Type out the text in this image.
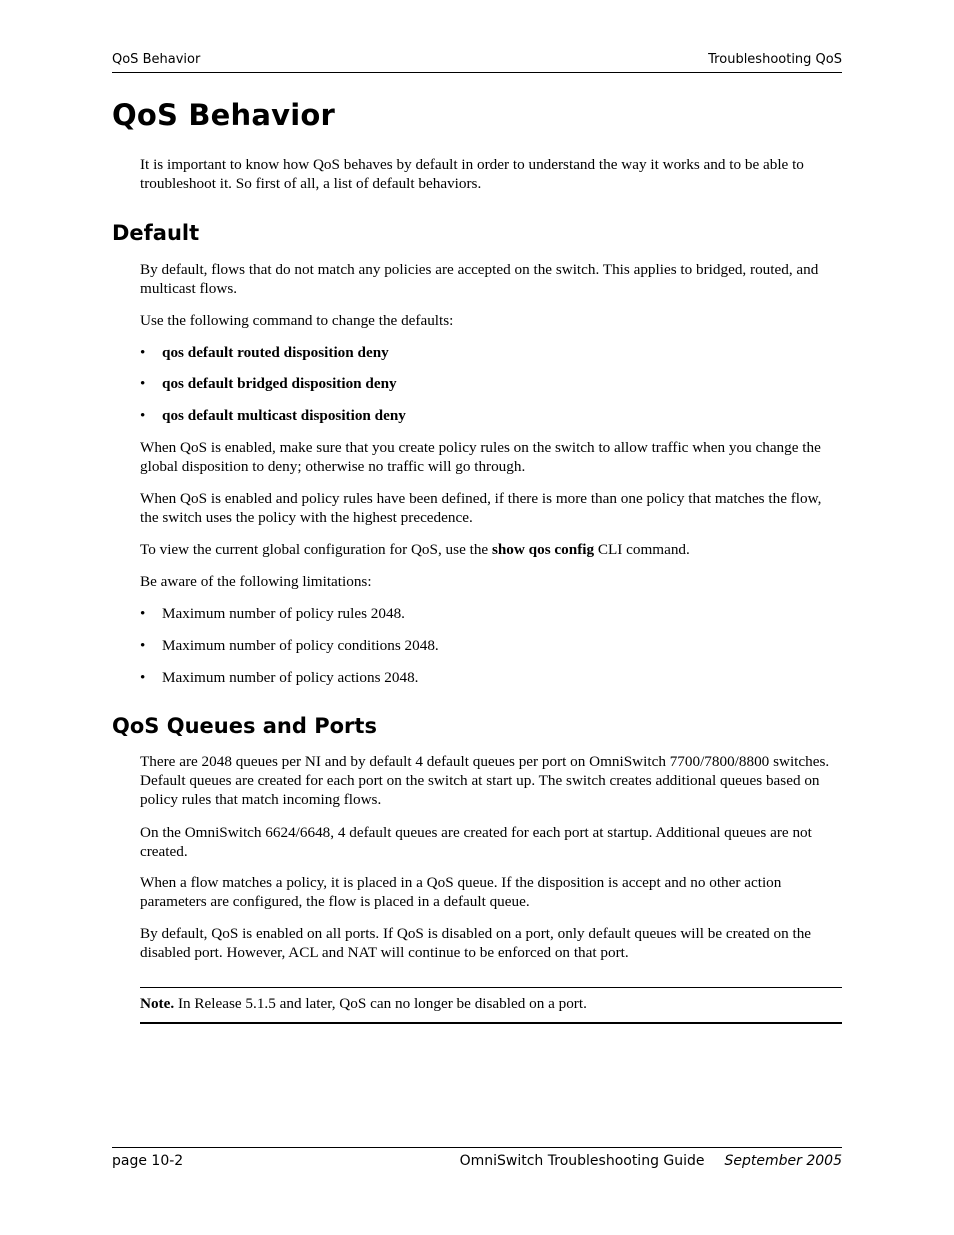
QoS Behavior	Troubleshooting QoS
QoS Behavior

It is important to know how QoS behaves by default in order to understand the way it works and to be able to troubleshoot it. So first of all, a list of default behaviors.

Default

By default, flows that do not match any policies are accepted on the switch. This applies to bridged, routed, and multicast flows.

Use the following command to change the defaults:

• qos default routed disposition deny
• qos default bridged disposition deny
• qos default multicast disposition deny

When QoS is enabled, make sure that you create policy rules on the switch to allow traffic when you change the global disposition to deny; otherwise no traffic will go through.

When QoS is enabled and policy rules have been defined, if there is more than one policy that matches the flow, the switch uses the policy with the highest precedence.

To view the current global configuration for QoS, use the show qos config CLI command.

Be aware of the following limitations:

• Maximum number of policy rules 2048.
• Maximum number of policy conditions 2048.
• Maximum number of policy actions 2048.
QoS Queues and Ports

There are 2048 queues per NI and by default 4 default queues per port on OmniSwitch 7700/7800/8800 switches. Default queues are created for each port on the switch at start up. The switch creates additional queues based on policy rules that match incoming flows.

On the OmniSwitch 6624/6648, 4 default queues are created for each port at startup. Additional queues are not created.

When a flow matches a policy, it is placed in a QoS queue. If the disposition is accept and no other action parameters are configured, the flow is placed in a default queue.

By default, QoS is enabled on all ports. If QoS is disabled on a port, only default queues will be created on the disabled port. However, ACL and NAT will continue to be enforced on that port.

Note. In Release 5.1.5 and later, QoS can no longer be disabled on a port.
page 10-2	OmniSwitch Troubleshooting Guide September 2005
